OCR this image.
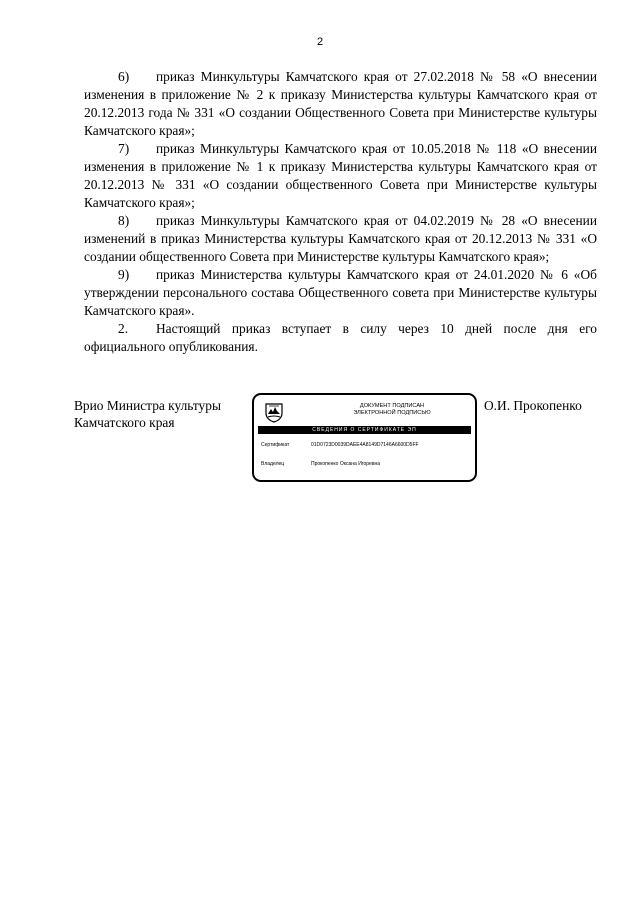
2

6) приказ Минкультуры Камчатского края от 27.02.2018 № 58 «О внесении изменения в приложение № 2 к приказу Министерства культуры Камчатского края от 20.12.2013 года № 331 «О создании Общественного Совета при Министерстве культуры Камчатского края»;

7) приказ Минкультуры Камчатского края от 10.05.2018 № 118 «О внесении изменения в приложение № 1 к приказу Министерства культуры Камчатского края от 20.12.2013 № 331 «О создании общественного Совета при Министерстве культуры Камчатского края»;

8) приказ Минкультуры Камчатского края от 04.02.2019 № 28 «О внесении изменений в приказ Министерства культуры Камчатского края от 20.12.2013 № 331 «О создании общественного Совета при Министерстве культуры Камчатского края»;

9) приказ Министерства культуры Камчатского края от 24.01.2020 № 6 «Об утверждении персонального состава Общественного совета при Министерстве культуры Камчатского края».

2. Настоящий приказ вступает в силу через 10 дней после дня его официального опубликования.

Врио Министра культуры Камчатского края
О.И. Прокопенко
ДОКУМЕНТ ПОДПИСАН
ЭЛЕКТРОННОЙ ПОДПИСЬЮ
СВЕДЕНИЯ О СЕРТИФИКАТЕ ЭП
Сертификат	01D0723D0039DAEE4A8149D7146A6600D5FF
Владелец	Прокопенко Оксана Игоревна
